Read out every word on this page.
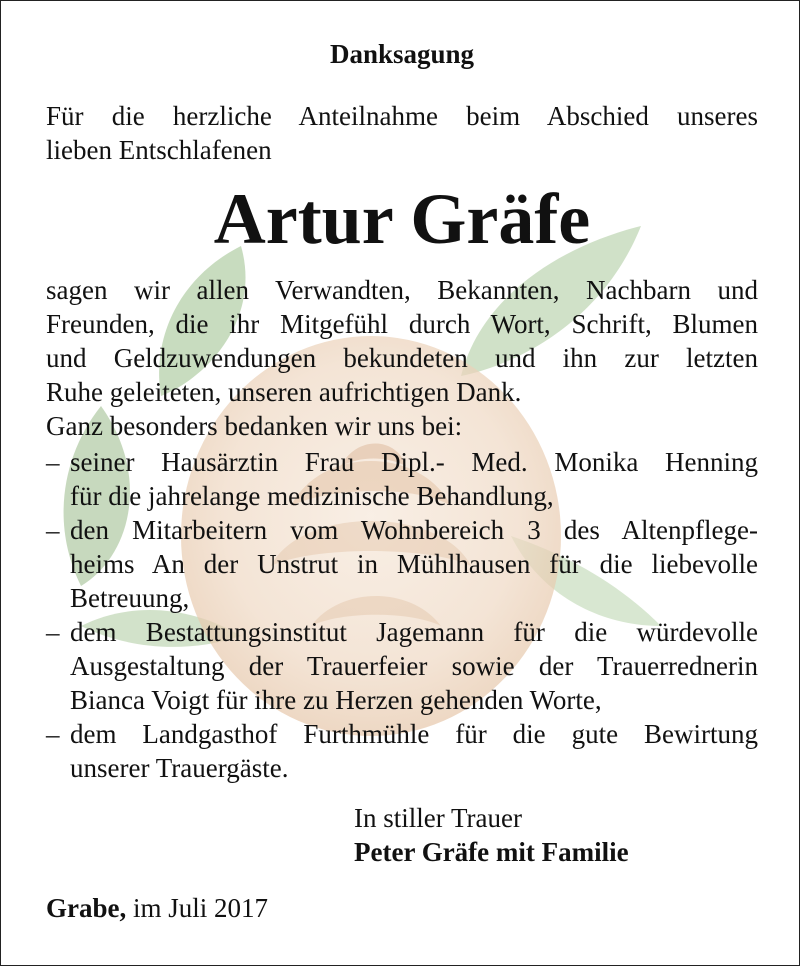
Danksagung
Für die herzliche Anteilnahme beim Abschied unseres
lieben Entschlafenen
Artur Gräfe
sagen wir allen Verwandten, Bekannten, Nachbarn und
Freunden, die ihr Mitgefühl durch Wort, Schrift, Blumen
und Geldzuwendungen bekundeten und ihn zur letzten
Ruhe geleiteten, unseren aufrichtigen Dank.
Ganz besonders bedanken wir uns bei:
– seiner Hausärztin Frau Dipl.- Med. Monika Henning
für die jahrelange medizinische Behandlung,
– den Mitarbeitern vom Wohnbereich 3 des Altenpflege-
heims An der Unstrut in Mühlhausen für die liebevolle
Betreuung,
– dem Bestattungsinstitut Jagemann für die würdevolle
Ausgestaltung der Trauerfeier sowie der Trauerrednerin
Bianca Voigt für ihre zu Herzen gehenden Worte,
– dem Landgasthof Furthmühle für die gute Bewirtung
unserer Trauergäste.
In stiller Trauer
Peter Gräfe mit Familie
Grabe, im Juli 2017
